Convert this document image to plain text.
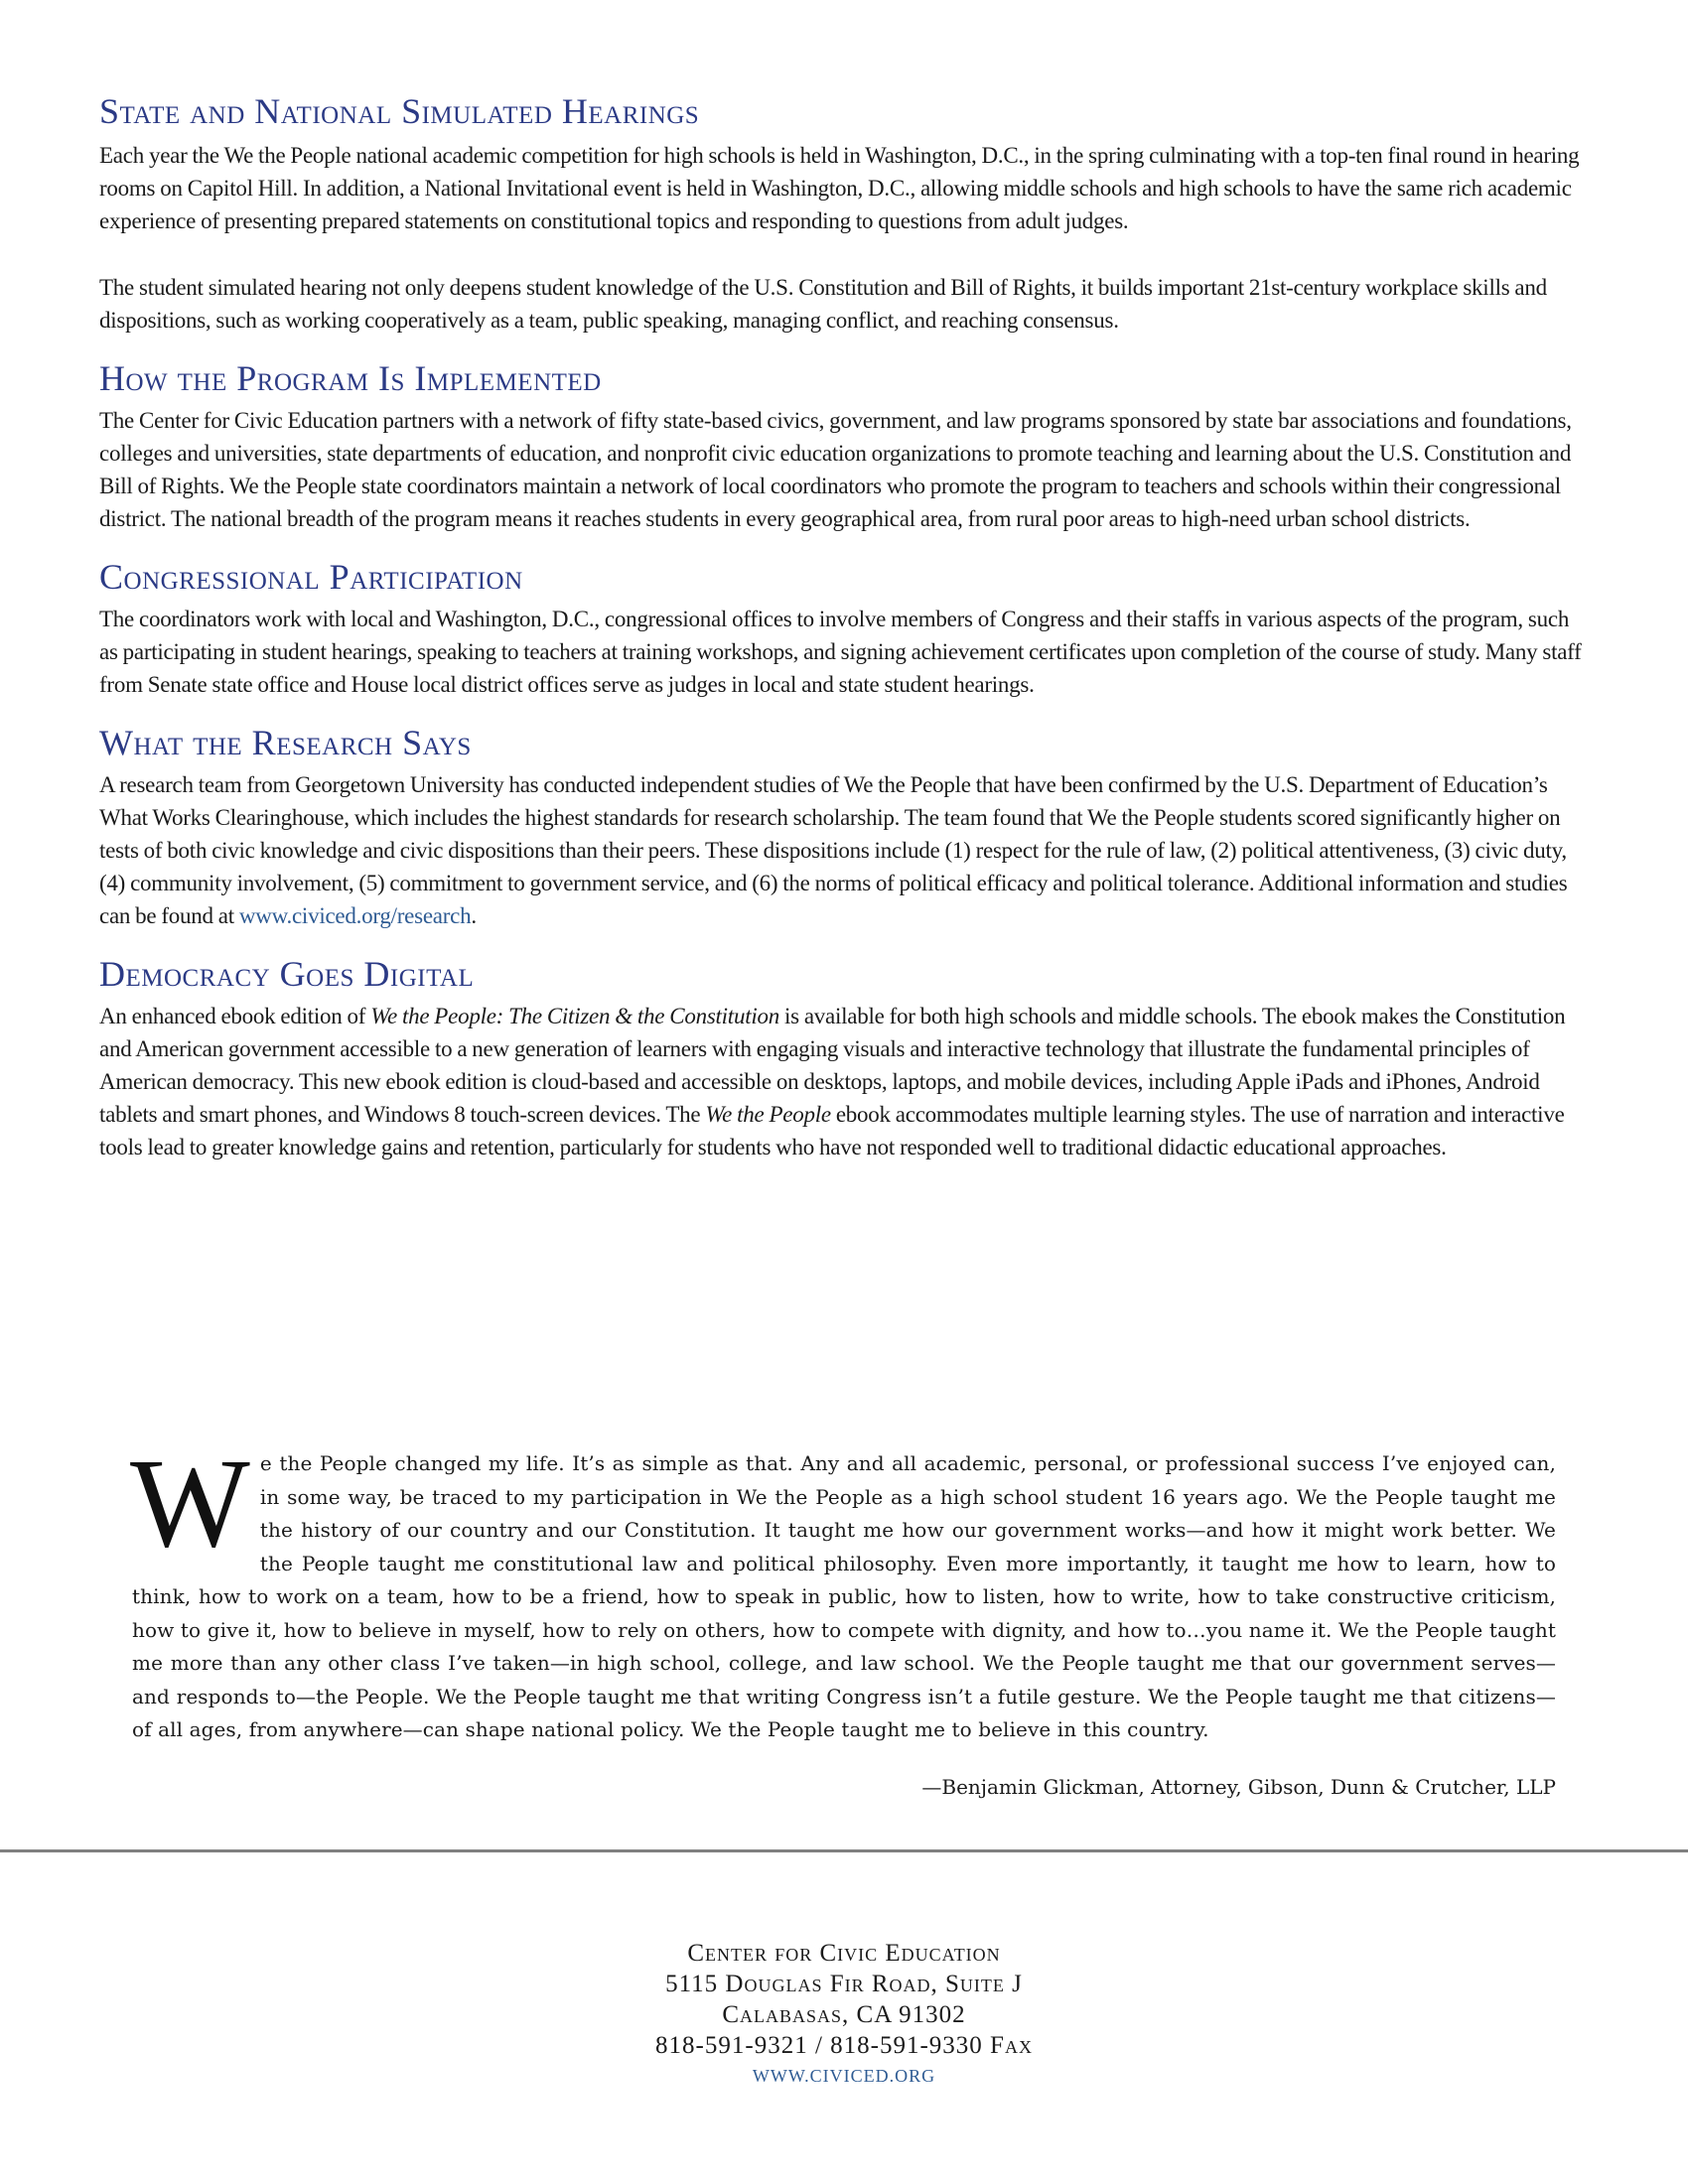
State and National Simulated Hearings

Each year the We the People national academic competition for high schools is held in Washington, D.C., in the spring culminating with a top-ten final round in hearing rooms on Capitol Hill. In addition, a National Invitational event is held in Washington, D.C., allowing middle schools and high schools to have the same rich academic experience of presenting prepared statements on constitutional topics and responding to questions from adult judges.

The student simulated hearing not only deepens student knowledge of the U.S. Constitution and Bill of Rights, it builds important 21st-century workplace skills and dispositions, such as working cooperatively as a team, public speaking, managing conflict, and reaching consensus.

How the Program Is Implemented

The Center for Civic Education partners with a network of fifty state-based civics, government, and law programs sponsored by state bar associations and foundations, colleges and universities, state departments of education, and nonprofit civic education organizations to promote teaching and learning about the U.S. Constitution and Bill of Rights. We the People state coordinators maintain a network of local coordinators who promote the program to teachers and schools within their congressional district. The national breadth of the program means it reaches students in every geographical area, from rural poor areas to high-need urban school districts.

Congressional Participation

The coordinators work with local and Washington, D.C., congressional offices to involve members of Congress and their staffs in various aspects of the program, such as participating in student hearings, speaking to teachers at training workshops, and signing achievement certificates upon completion of the course of study. Many staff from Senate state office and House local district offices serve as judges in local and state student hearings.

What the Research Says

A research team from Georgetown University has conducted independent studies of We the People that have been confirmed by the U.S. Department of Education’s What Works Clearinghouse, which includes the highest standards for research scholarship. The team found that We the People students scored significantly higher on tests of both civic knowledge and civic dispositions than their peers. These dispositions include (1) respect for the rule of law, (2) political attentiveness, (3) civic duty, (4) community involvement, (5) commitment to government service, and (6) the norms of political efficacy and political tolerance. Additional information and studies can be found at www.civiced.org/research.

Democracy Goes Digital

An enhanced ebook edition of We the People: The Citizen & the Constitution is available for both high schools and middle schools. The ebook makes the Constitution and American government accessible to a new generation of learners with engaging visuals and interactive technology that illustrate the fundamental principles of American democracy. This new ebook edition is cloud-based and accessible on desktops, laptops, and mobile devices, including Apple iPads and iPhones, Android tablets and smart phones, and Windows 8 touch-screen devices. The We the People ebook accommodates multiple learning styles. The use of narration and interactive tools lead to greater knowledge gains and retention, particularly for students who have not responded well to traditional didactic educational approaches.

We the People changed my life. It’s as simple as that. Any and all academic, personal, or professional success I’ve enjoyed can, in some way, be traced to my participation in We the People as a high school student 16 years ago. We the People taught me the history of our country and our Constitution. It taught me how our government works—and how it might work better. We the People taught me constitutional law and political philosophy. Even more importantly, it taught me how to learn, how to think, how to work on a team, how to be a friend, how to speak in public, how to listen, how to write, how to take constructive criticism, how to give it, how to believe in myself, how to rely on others, how to compete with dignity, and how to…you name it. We the People taught me more than any other class I’ve taken—in high school, college, and law school. We the People taught me that our government serves—and responds to—the People. We the People taught me that writing Congress isn’t a futile gesture. We the People taught me that citizens—of all ages, from anywhere—can shape national policy. We the People taught me to believe in this country.
—Benjamin Glickman, Attorney, Gibson, Dunn & Crutcher, LLP
Center for Civic Education
5115 Douglas Fir Road, Suite J
Calabasas, CA 91302
818-591-9321 / 818-591-9330 Fax
WWW.CIVICED.ORG
